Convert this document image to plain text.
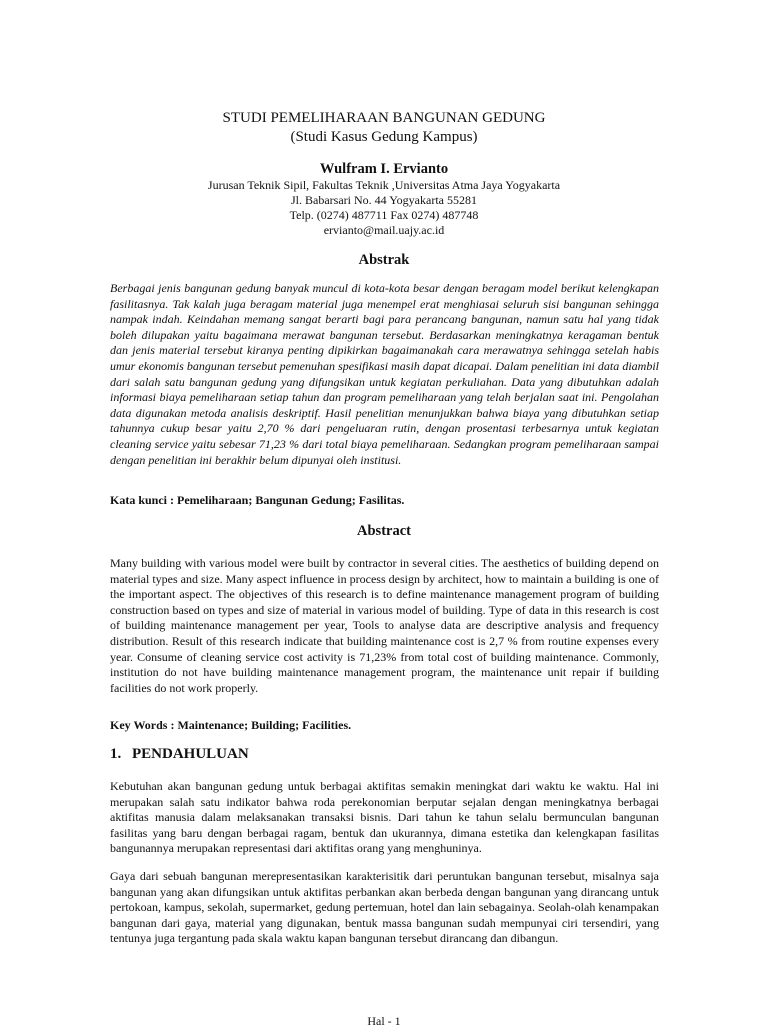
STUDI PEMELIHARAAN BANGUNAN GEDUNG
(Studi Kasus Gedung Kampus)
Wulfram I. Ervianto
Jurusan Teknik Sipil, Fakultas Teknik ,Universitas Atma Jaya Yogyakarta
Jl. Babarsari No. 44 Yogyakarta 55281
Telp. (0274) 487711 Fax 0274) 487748
ervianto@mail.uajy.ac.id
Abstrak

Berbagai jenis bangunan gedung banyak muncul di kota-kota besar dengan beragam model berikut kelengkapan fasilitasnya. Tak kalah juga beragam material juga menempel erat menghiasai seluruh sisi bangunan sehingga nampak indah. Keindahan memang sangat berarti bagi para perancang bangunan, namun satu hal yang tidak boleh dilupakan yaitu bagaimana merawat bangunan tersebut. Berdasarkan meningkatnya keragaman bentuk dan jenis material tersebut kiranya penting dipikirkan bagaimanakah cara merawatnya sehingga setelah habis umur ekonomis bangunan tersebut pemenuhan spesifikasi masih dapat dicapai. Dalam penelitian ini data diambil dari salah satu bangunan gedung yang difungsikan untuk kegiatan perkuliahan. Data yang dibutuhkan adalah informasi biaya pemeliharaan setiap tahun dan program pemeliharaan yang telah berjalan saat ini. Pengolahan data digunakan metoda analisis deskriptif. Hasil penelitian menunjukkan bahwa biaya yang dibutuhkan setiap tahunnya cukup besar yaitu 2,70 % dari pengeluaran rutin, dengan prosentasi terbesarnya untuk kegiatan cleaning service yaitu sebesar 71,23 % dari total biaya pemeliharaan. Sedangkan program pemeliharaan sampai dengan penelitian ini berakhir belum dipunyai oleh institusi.

Kata kunci : Pemeliharaan; Bangunan Gedung; Fasilitas.
Abstract

Many building with various model were built by contractor in several cities. The aesthetics of building depend on material types and size. Many aspect influence in process design by architect, how to maintain a building is one of the important aspect. The objectives of this research is to define maintenance management program of building construction based on types and size of material in various model of building. Type of data in this research is cost of building maintenance management per year, Tools to analyse data are descriptive analysis and frequency distribution. Result of this research indicate that building maintenance cost is 2,7 % from routine expenses every year. Consume of cleaning service cost activity is 71,23% from total cost of building maintenance. Commonly, institution do not have building maintenance management program, the maintenance unit repair if building facilities do not work properly.

Key Words : Maintenance; Building; Facilities.
1. PENDAHULUAN

Kebutuhan akan bangunan gedung untuk berbagai aktifitas semakin meningkat dari waktu ke waktu. Hal ini merupakan salah satu indikator bahwa roda perekonomian berputar sejalan dengan meningkatnya berbagai aktifitas manusia dalam melaksanakan transaksi bisnis. Dari tahun ke tahun selalu bermunculan bangunan fasilitas yang baru dengan berbagai ragam, bentuk dan ukurannya, dimana estetika dan kelengkapan fasilitas bangunannya merupakan representasi dari aktifitas orang yang menghuninya.

Gaya dari sebuah bangunan merepresentasikan karakterisitik dari peruntukan bangunan tersebut, misalnya saja bangunan yang akan difungsikan untuk aktifitas perbankan akan berbeda dengan bangunan yang dirancang untuk pertokoan, kampus, sekolah, supermarket, gedung pertemuan, hotel dan lain sebagainya. Seolah-olah kenampakan bangunan dari gaya, material yang digunakan, bentuk massa bangunan sudah mempunyai ciri tersendiri, yang tentunya juga tergantung pada skala waktu kapan bangunan tersebut dirancang dan dibangun.

Hal - 1
